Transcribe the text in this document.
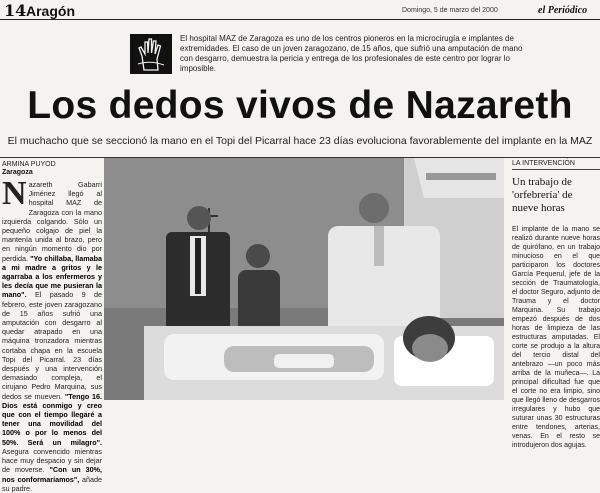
14 Aragón	Domingo, 5 de marzo del 2000	el Periódico
El hospital MAZ de Zaragoza es uno de los centros pioneros en la microcirugía e implantes de extremidades. El caso de un joven zaragozano, de 15 años, que sufrió una amputación de mano con desgarro, demuestra la pericia y entrega de los profesionales de este centro por lograr lo imposible.
Los dedos vivos de Nazareth

El muchacho que se seccionó la mano en el Topi del Picarral hace 23 días evoluciona favorablemente del implante en la MAZ

ARMINA PUYOD
Zaragoza
Nazareth Gabarri Jiménez llegó al hospital MAZ de Zaragoza con la mano izquierda colgando. Sólo un pequeño colgajo de piel la mantenía unida al brazo, pero en ningún momento dio por perdida. "Yo chillaba, llamaba a mi madre a gritos y le agarraba a los enfermeros y les decía que me pusieran la mano". El pasado 9 de febrero, este joven zaragozano de 15 años sufrió una amputación con desgarro al quedar atrapado en una máquina tronzadora mientras cortaba chapa en la escuela Topi del Picarral. 23 días después y una intervención demasiado compleja, el cirujano Pedro Marquina, sus dedos se mueven. "Tengo 16. Dios está conmigo y creo que con el tiempo llegaré a tener una movilidad del 100% o por lo menos del 50%. Será un milagro". Asegura convencido mientras hace muy despacio y sin dejar de moverse. "Con un 30%, nos conformaríamos", añade su padre.
LA INTERVENCIÓN
Un trabajo de 'orfebrería' de nueve horas
El implante de la mano se realizó durante nueve horas de quirófano, en un trabajo minucioso en el que participaron los doctores García Pequerul, jefe de la sección de Traumatología, el doctor Seguro, adjunto de Trauma y el doctor Marquina. Su trabajo empezó después de dos horas de limpieza de las estructuras amputadas. El corte se produjo a la altura del tercio distal del antebrazo —un poco más arriba de la muñeca—. La principal dificultad fue que el corte no era limpio, sino que llegó lleno de desgarros irregulares y hubo que suturar unas 30 estructuras entre tendones, arterias, venas. En el resto se introdujeron dos agujas.
